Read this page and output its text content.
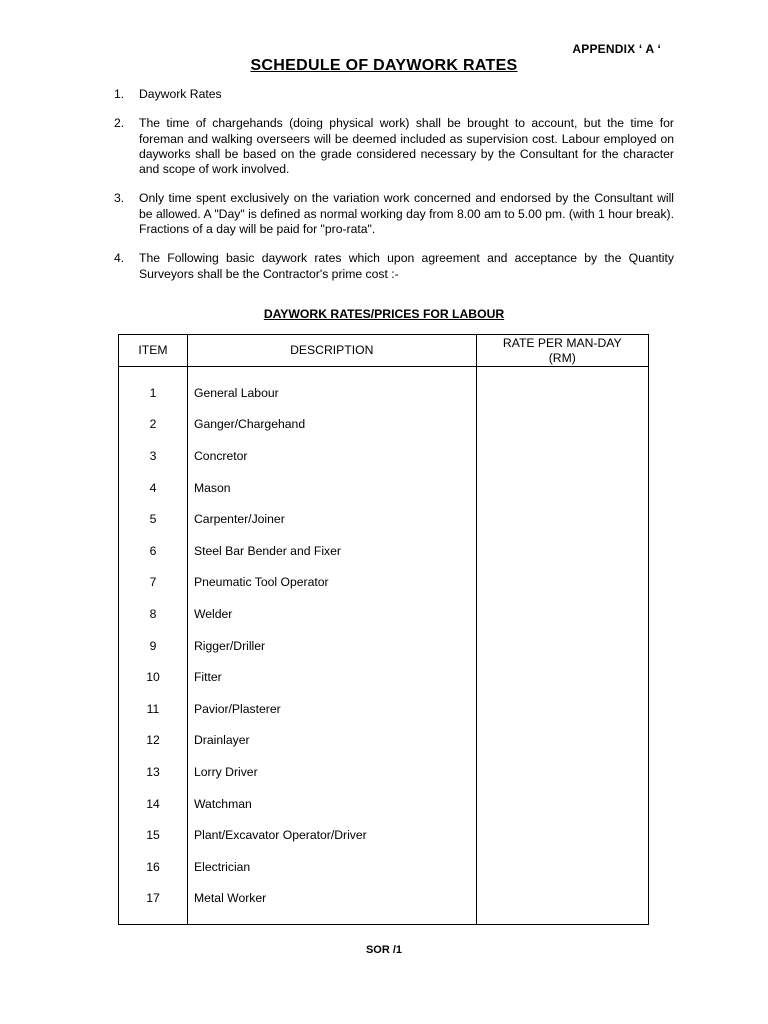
APPENDIX ‘ A ‘
SCHEDULE OF DAYWORK RATES
1. Daywork Rates
2. The time of chargehands (doing physical work) shall be brought to account, but the time for foreman and walking overseers will be deemed included as supervision cost. Labour employed on dayworks shall be based on the grade considered necessary by the Consultant for the character and scope of work involved.
3. Only time spent exclusively on the variation work concerned and endorsed by the Consultant will be allowed. A "Day" is defined as normal working day from 8.00 am to 5.00 pm. (with 1 hour break). Fractions of a day will be paid for "pro-rata".
4. The Following basic daywork rates which upon agreement and acceptance by the Quantity Surveyors shall be the Contractor's prime cost :-
DAYWORK RATES/PRICES FOR LABOUR
ITEM	DESCRIPTION	RATE PER MAN-DAY
(RM)
1	General Labour	
2	Ganger/Chargehand	
3	Concretor	
4	Mason	
5	Carpenter/Joiner	
6	Steel Bar Bender and Fixer	
7	Pneumatic Tool Operator	
8	Welder	
9	Rigger/Driller	
10	Fitter	
11	Pavior/Plasterer	
12	Drainlayer	
13	Lorry Driver	
14	Watchman	
15	Plant/Excavator Operator/Driver	
16	Electrician	
17	Metal Worker	
SOR /1
